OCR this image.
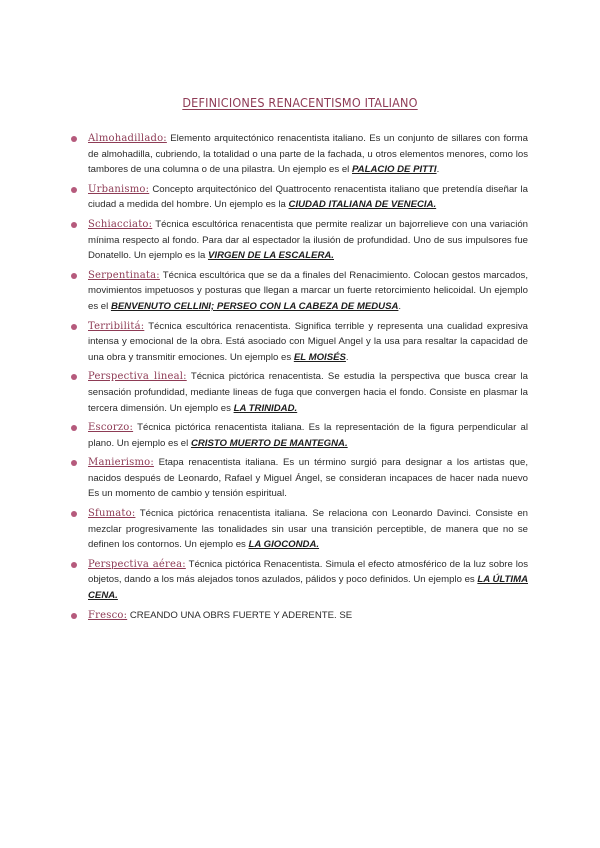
DEFINICIONES RENACENTISMO ITALIANO
Almohadillado: Elemento arquitectónico renacentista italiano. Es un conjunto de sillares con forma de almohadilla, cubriendo, la totalidad o una parte de la fachada, u otros elementos menores, como los tambores de una columna o de una pilastra. Un ejemplo es el PALACIO DE PITTI.
Urbanismo: Concepto arquitectónico del Quattrocento renacentista italiano que pretendía diseñar la ciudad a medida del hombre. Un ejemplo es la CIUDAD ITALIANA DE VENECIA.
Schiacciato: Técnica escultórica renacentista que permite realizar un bajorrelieve con una variación mínima respecto al fondo. Para dar al espectador la ilusión de profundidad. Uno de sus impulsores fue Donatello. Un ejemplo es la VIRGEN DE LA ESCALERA.
Serpentinata: Técnica escultórica que se da a finales del Renacimiento. Colocan gestos marcados, movimientos impetuosos y posturas que llegan a marcar un fuerte retorcimiento helicoidal. Un ejemplo es el BENVENUTO CELLINI; PERSEO CON LA CABEZA DE MEDUSA.
Terribilitá: Técnica escultórica renacentista. Significa terrible y representa una cualidad expresiva intensa y emocional de la obra. Está asociado con Miguel Angel y la usa para resaltar la capacidad de una obra y transmitir emociones. Un ejemplo es EL MOISÉS.
Perspectiva lineal: Técnica pictórica renacentista. Se estudia la perspectiva que busca crear la sensación profundidad, mediante lineas de fuga que convergen hacia el fondo. Consiste en plasmar la tercera dimensión. Un ejemplo es LA TRINIDAD.
Escorzo: Técnica pictórica renacentista italiana. Es la representación de la figura perpendicular al plano. Un ejemplo es el CRISTO MUERTO DE MANTEGNA.
Manierismo: Etapa renacentista italiana. Es un término surgió para designar a los artistas que, nacidos después de Leonardo, Rafael y Miguel Ángel, se consideran incapaces de hacer nada nuevo Es un momento de cambio y tensión espiritual.
Sfumato: Técnica pictórica renacentista italiana. Se relaciona con Leonardo Davinci. Consiste en mezclar progresivamente las tonalidades sin usar una transición perceptible, de manera que no se definen los contornos. Un ejemplo es LA GIOCONDA.
Perspectiva aérea: Técnica pictórica Renacentista. Simula el efecto atmosférico de la luz sobre los objetos, dando a los más alejados tonos azulados, pálidos y poco definidos. Un ejemplo es LA ÚLTIMA CENA.
Fresco: CREANDO UNA OBRS FUERTE Y ADERENTE. SE
